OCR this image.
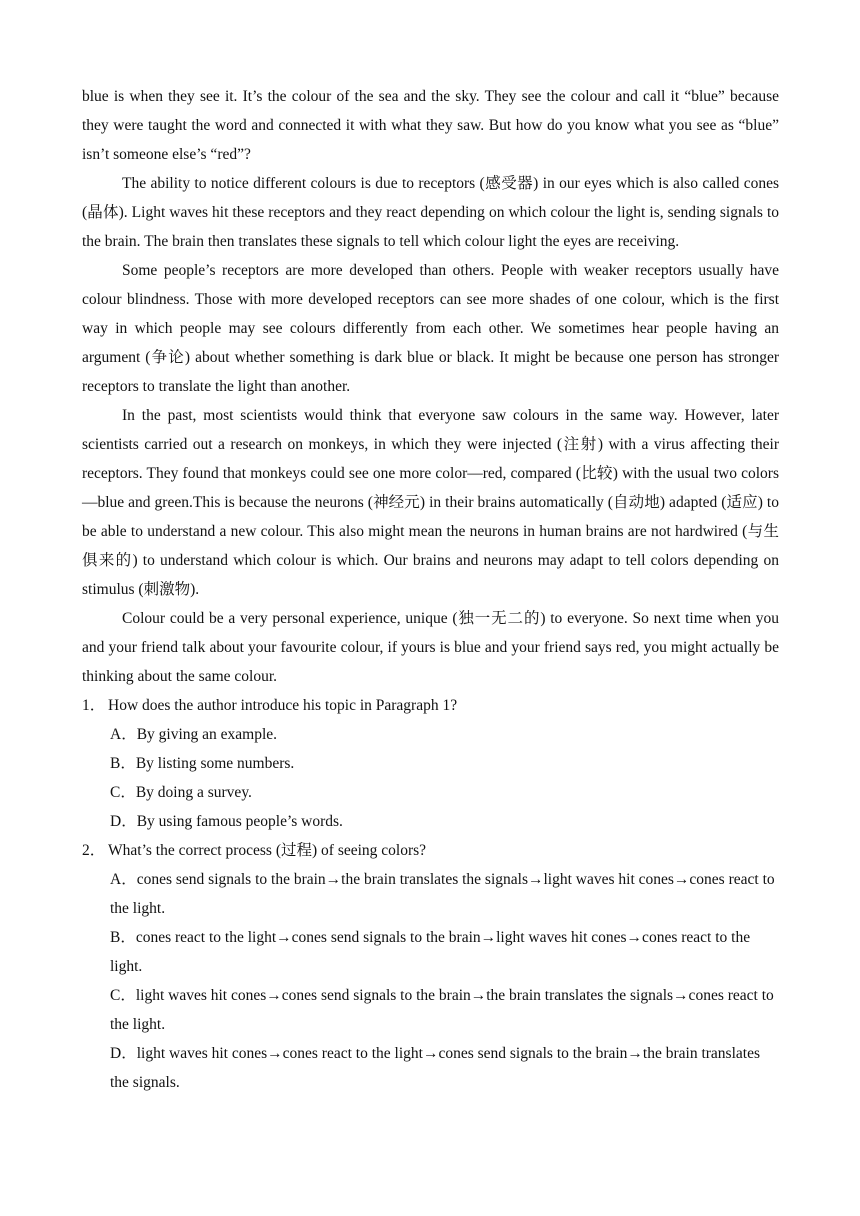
blue is when they see it. It’s the colour of the sea and the sky. They see the colour and call it “blue” because they were taught the word and connected it with what they saw. But how do you know what you see as “blue” isn’t someone else’s “red”?

The ability to notice different colours is due to receptors (感受器) in our eyes which is also called cones (晶体). Light waves hit these receptors and they react depending on which colour the light is, sending signals to the brain. The brain then translates these signals to tell which colour light the eyes are receiving.

Some people’s receptors are more developed than others. People with weaker receptors usually have colour blindness. Those with more developed receptors can see more shades of one colour, which is the first way in which people may see colours differently from each other. We sometimes hear people having an argument (争论) about whether something is dark blue or black. It might be because one person has stronger receptors to translate the light than another.

In the past, most scientists would think that everyone saw colours in the same way. However, later scientists carried out a research on monkeys, in which they were injected (注射) with a virus affecting their receptors. They found that monkeys could see one more color—red, compared (比较) with the usual two colors—blue and green.This is because the neurons (神经元) in their brains automatically (自动地) adapted (适应) to be able to understand a new colour. This also might mean the neurons in human brains are not hardwired (与生俱来的) to understand which colour is which. Our brains and neurons may adapt to tell colors depending on stimulus (刺激物).

Colour could be a very personal experience, unique (独一无二的) to everyone. So next time when you and your friend talk about your favourite colour, if yours is blue and your friend says red, you might actually be thinking about the same colour.

1． How does the author introduce his topic in Paragraph 1?

A．By giving an example.

B．By listing some numbers.

C．By doing a survey.

D．By using famous people’s words.

2． What’s the correct process (过程) of seeing colors?

A．cones send signals to the brain→the brain translates the signals→light waves hit cones→cones react to the light.

B．cones react to the light→cones send signals to the brain→light waves hit cones→cones react to the light.

C．light waves hit cones→cones send signals to the brain→the brain translates the signals→cones react to the light.

D．light waves hit cones→cones react to the light→cones send signals to the brain→the brain translates the signals.
